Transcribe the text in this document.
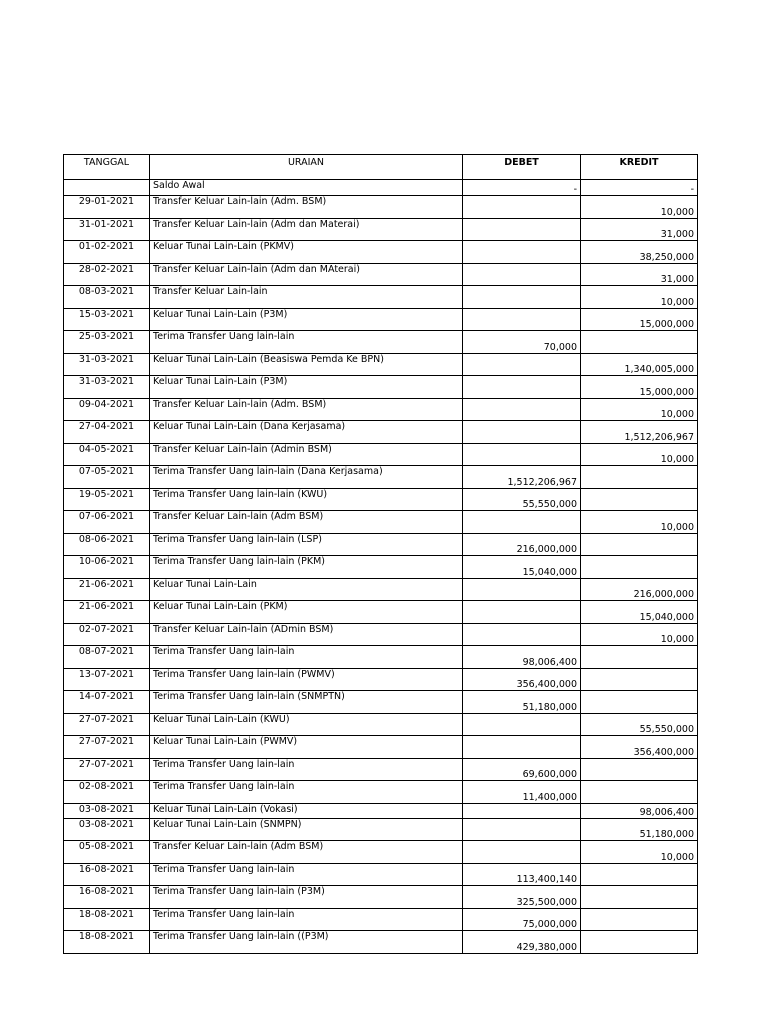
TANGGAL	URAIAN	DEBET	KREDIT
	Saldo Awal	-	-
29-01-2021	Transfer Keluar Lain-lain (Adm. BSM)		10,000
31-01-2021	Transfer Keluar Lain-lain (Adm dan Materai)		31,000
01-02-2021	Keluar Tunai Lain-Lain (PKMV)		38,250,000
28-02-2021	Transfer Keluar Lain-lain (Adm dan MAterai)		31,000
08-03-2021	Transfer Keluar Lain-lain		10,000
15-03-2021	Keluar Tunai Lain-Lain (P3M)		15,000,000
25-03-2021	Terima Transfer Uang lain-lain	70,000	
31-03-2021	Keluar Tunai Lain-Lain (Beasiswa Pemda Ke BPN)		1,340,005,000
31-03-2021	Keluar Tunai Lain-Lain (P3M)		15,000,000
09-04-2021	Transfer Keluar Lain-lain (Adm. BSM)		10,000
27-04-2021	Keluar Tunai Lain-Lain (Dana Kerjasama)		1,512,206,967
04-05-2021	Transfer Keluar Lain-lain (Admin BSM)		10,000
07-05-2021	Terima Transfer Uang lain-lain (Dana Kerjasama)	1,512,206,967	
19-05-2021	Terima Transfer Uang lain-lain (KWU)	55,550,000	
07-06-2021	Transfer Keluar Lain-lain (Adm BSM)		10,000
08-06-2021	Terima Transfer Uang lain-lain (LSP)	216,000,000	
10-06-2021	Terima Transfer Uang lain-lain (PKM)	15,040,000	
21-06-2021	Keluar Tunai Lain-Lain		216,000,000
21-06-2021	Keluar Tunai Lain-Lain (PKM)		15,040,000
02-07-2021	Transfer Keluar Lain-lain (ADmin BSM)		10,000
08-07-2021	Terima Transfer Uang lain-lain	98,006,400	
13-07-2021	Terima Transfer Uang lain-lain (PWMV)	356,400,000	
14-07-2021	Terima Transfer Uang lain-lain (SNMPTN)	51,180,000	
27-07-2021	Keluar Tunai Lain-Lain (KWU)		55,550,000
27-07-2021	Keluar Tunai Lain-Lain (PWMV)		356,400,000
27-07-2021	Terima Transfer Uang lain-lain	69,600,000	
02-08-2021	Terima Transfer Uang lain-lain	11,400,000	
03-08-2021	Keluar Tunai Lain-Lain (Vokasi)		98,006,400
03-08-2021	Keluar Tunai Lain-Lain (SNMPN)		51,180,000
05-08-2021	Transfer Keluar Lain-lain (Adm BSM)		10,000
16-08-2021	Terima Transfer Uang lain-lain	113,400,140	
16-08-2021	Terima Transfer Uang lain-lain (P3M)	325,500,000	
18-08-2021	Terima Transfer Uang lain-lain	75,000,000	
18-08-2021	Terima Transfer Uang lain-lain ((P3M)	429,380,000	
